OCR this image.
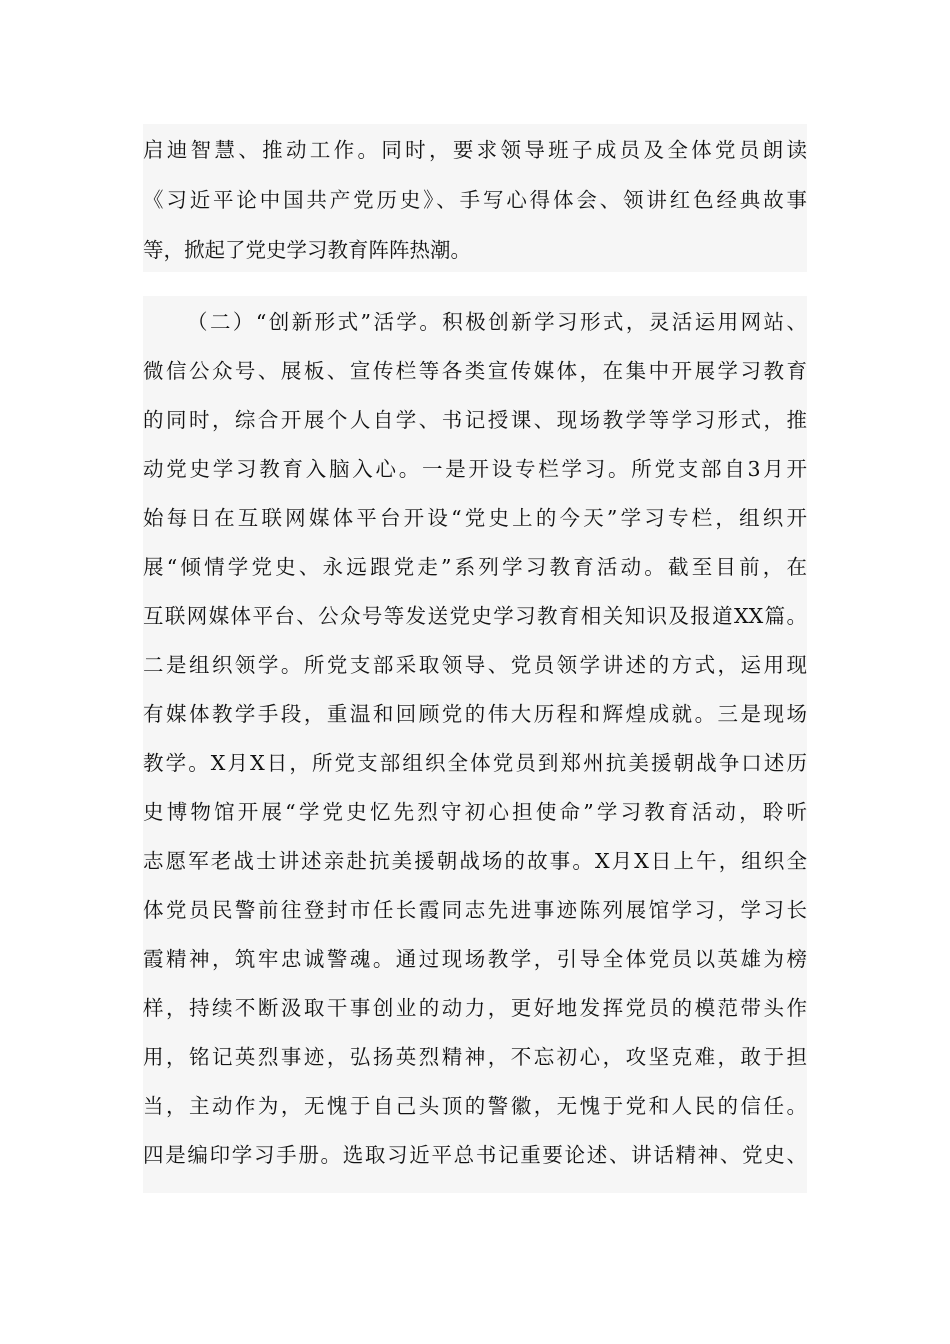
启迪智慧、推动工作。同时，要求领导班子成员及全体党员朗读
《习近平论中国共产党历史》、手写心得体会、领讲红色经典故事
等，掀起了党史学习教育阵阵热潮。
（二）“创新形式”活学。积极创新学习形式，灵活运用网站、
微信公众号、展板、宣传栏等各类宣传媒体，在集中开展学习教育
的同时，综合开展个人自学、书记授课、现场教学等学习形式，推
动党史学习教育入脑入心。一是开设专栏学习。所党支部自3月开
始每日在互联网媒体平台开设“党史上的今天”学习专栏，组织开
展“倾情学党史、永远跟党走”系列学习教育活动。截至目前，在
互联网媒体平台、公众号等发送党史学习教育相关知识及报道XX篇。
二是组织领学。所党支部采取领导、党员领学讲述的方式，运用现
有媒体教学手段，重温和回顾党的伟大历程和辉煌成就。三是现场
教学。X月X日，所党支部组织全体党员到郑州抗美援朝战争口述历
史博物馆开展“学党史忆先烈守初心担使命”学习教育活动，聆听
志愿军老战士讲述亲赴抗美援朝战场的故事。X月X日上午，组织全
体党员民警前往登封市任长霞同志先进事迹陈列展馆学习，学习长
霞精神，筑牢忠诚警魂。通过现场教学，引导全体党员以英雄为榜
样，持续不断汲取干事创业的动力，更好地发挥党员的模范带头作
用，铭记英烈事迹，弘扬英烈精神，不忘初心，攻坚克难，敢于担
当，主动作为，无愧于自己头顶的警徽，无愧于党和人民的信任。
四是编印学习手册。选取习近平总书记重要论述、讲话精神、党史、
